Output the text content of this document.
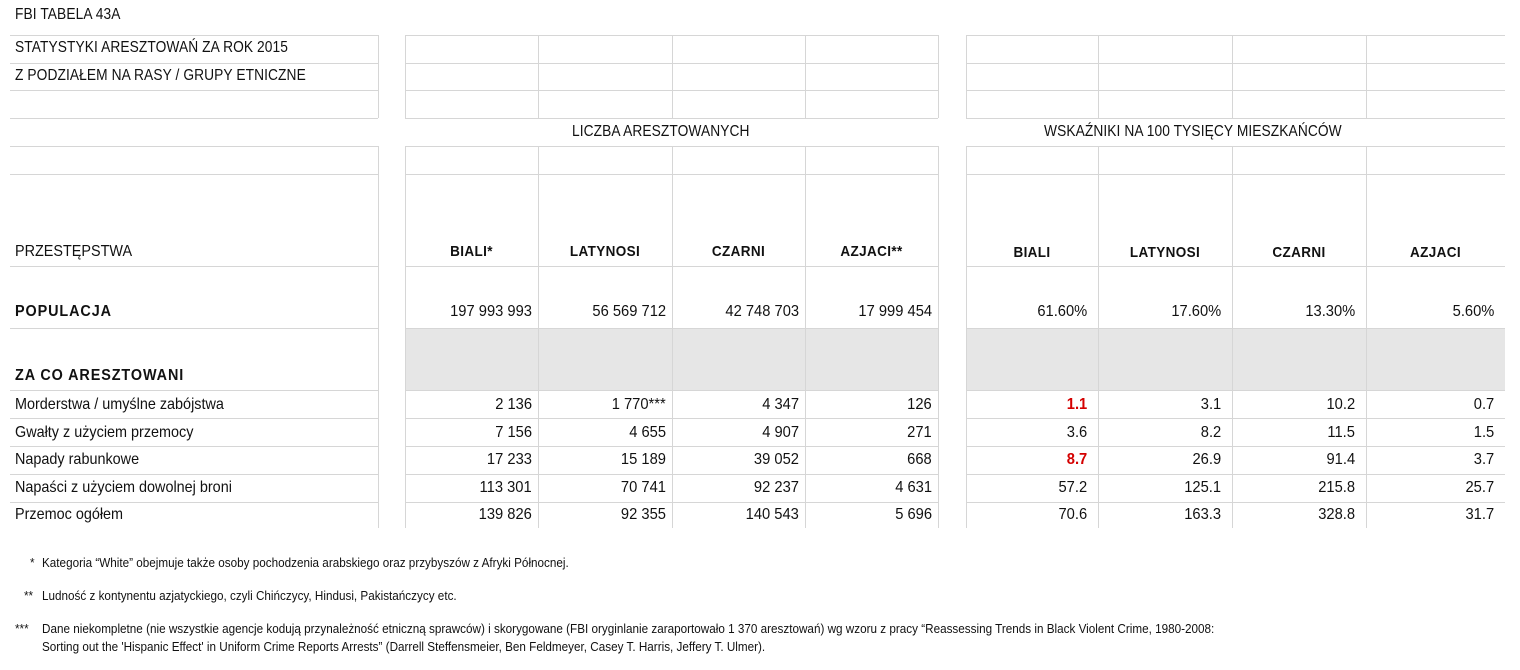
FBI TABELA 43A
STATYSTYKI ARESZTOWAŃ ZA ROK 2015
Z PODZIAŁEM NA RASY / GRUPY ETNICZNE
LICZBA ARESZTOWANYCH	WSKAŹNIKI NA 100 TYSIĘCY MIESZKAŃCÓW
PRZESTĘPSTWA	BIALI*	LATYNOSI	CZARNI	AZJACI**	BIALI	LATYNOSI	CZARNI	AZJACI
POPULACJA	197 993 993	56 569 712	42 748 703	17 999 454	61.60%	17.60%	13.30%	5.60%
ZA CO ARESZTOWANI
Morderstwa / umyślne zabójstwa	2 136	1 770***	4 347	126	1.1	3.1	10.2	0.7
Gwałty z użyciem przemocy	7 156	4 655	4 907	271	3.6	8.2	11.5	1.5
Napady rabunkowe	17 233	15 189	39 052	668	8.7	26.9	91.4	3.7
Napaści z użyciem dowolnej broni	113 301	70 741	92 237	4 631	57.2	125.1	215.8	25.7
Przemoc ogółem	139 826	92 355	140 543	5 696	70.6	163.3	328.8	31.7
* Kategoria “White” obejmuje także osoby pochodzenia arabskiego oraz przybyszów z Afryki Północnej.
** Ludność z kontynentu azjatyckiego, czyli Chińczycy, Hindusi, Pakistańczycy etc.
*** Dane niekompletne (nie wszystkie agencje kodują przynależność etniczną sprawców) i skorygowane (FBI oryginlanie zaraportowało 1 370 aresztowań) wg wzoru z pracy “Reassessing Trends in Black Violent Crime, 1980-2008:
Sorting out the 'Hispanic Effect' in Uniform Crime Reports Arrests” (Darrell Steffensmeier, Ben Feldmeyer, Casey T. Harris, Jeffery T. Ulmer).
